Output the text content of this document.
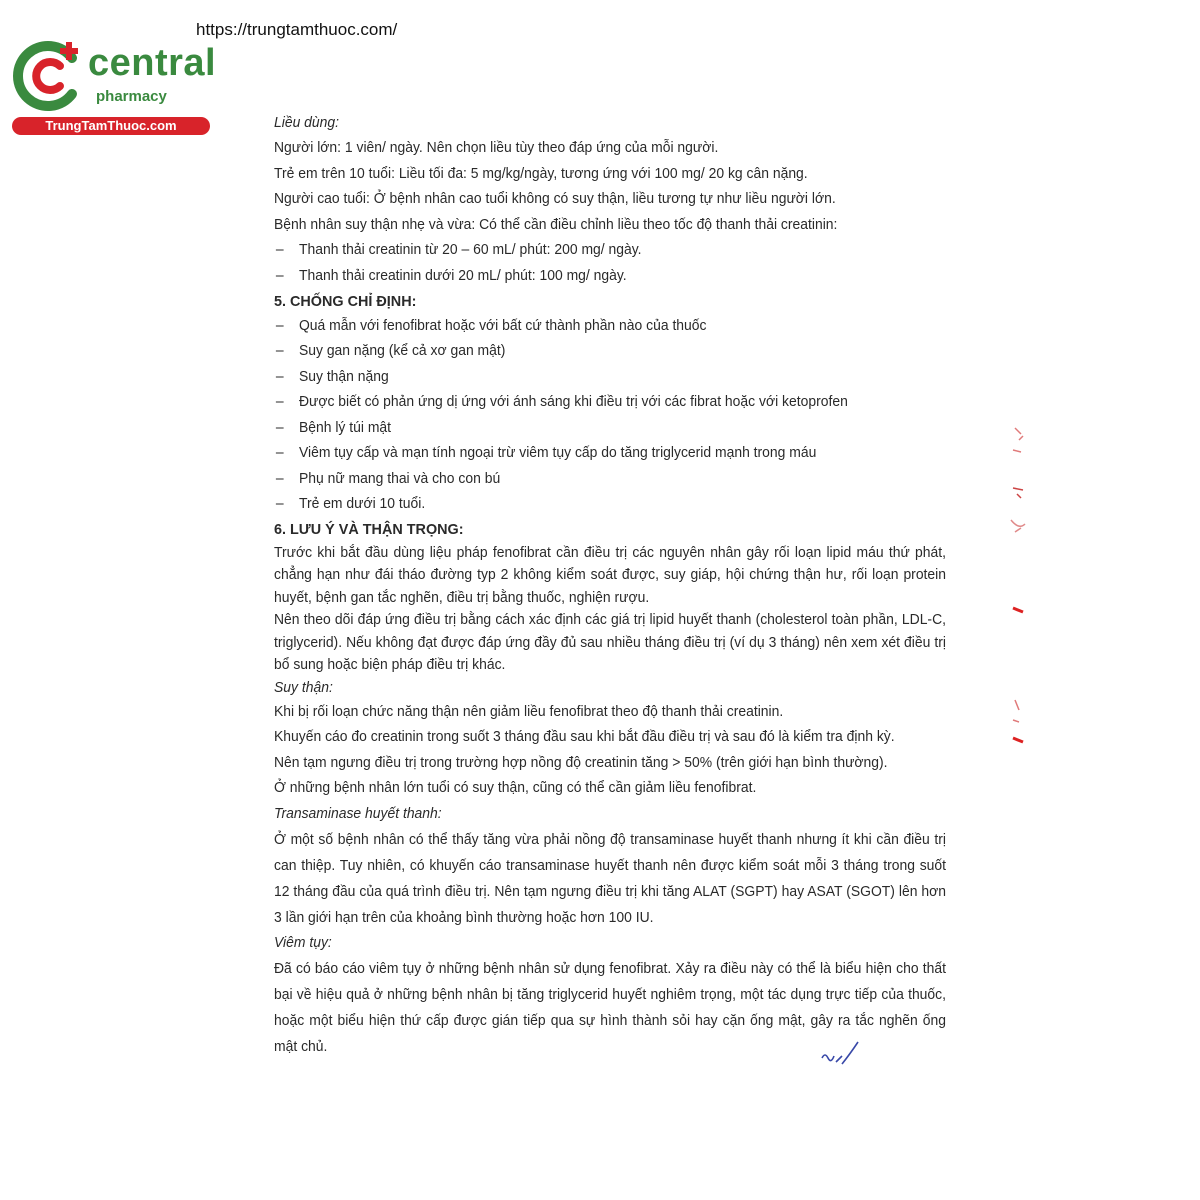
https://trungtamthuoc.com/
central
pharmacy
TrungTamThuoc.com	Liều dùng:

Người lớn: 1 viên/ ngày. Nên chọn liều tùy theo đáp ứng của mỗi người.

Trẻ em trên 10 tuổi: Liều tối đa: 5 mg/kg/ngày, tương ứng với 100 mg/ 20 kg cân nặng.

Người cao tuổi: Ở bệnh nhân cao tuổi không có suy thận, liều tương tự như liều người lớn.

Bệnh nhân suy thận nhẹ và vừa: Có thể cần điều chỉnh liều theo tốc độ thanh thải creatinin:

– Thanh thải creatinin từ 20 – 60 mL/ phút: 200 mg/ ngày.

– Thanh thải creatinin dưới 20 mL/ phút: 100 mg/ ngày.

5. CHỐNG CHỈ ĐỊNH:

– Quá mẫn với fenofibrat hoặc với bất cứ thành phần nào của thuốc

– Suy gan nặng (kể cả xơ gan mật)

– Suy thận nặng

– Được biết có phản ứng dị ứng với ánh sáng khi điều trị với các fibrat hoặc với ketoprofen

– Bệnh lý túi mật

– Viêm tụy cấp và mạn tính ngoại trừ viêm tụy cấp do tăng triglycerid mạnh trong máu

– Phụ nữ mang thai và cho con bú

– Trẻ em dưới 10 tuổi.

6. LƯU Ý VÀ THẬN TRỌNG:

Trước khi bắt đầu dùng liệu pháp fenofibrat cần điều trị các nguyên nhân gây rối loạn lipid máu thứ phát, chẳng hạn như đái tháo đường typ 2 không kiểm soát được, suy giáp, hội chứng thận hư, rối loạn protein huyết, bệnh gan tắc nghẽn, điều trị bằng thuốc, nghiện rượu.

Nên theo dõi đáp ứng điều trị bằng cách xác định các giá trị lipid huyết thanh (cholesterol toàn phần, LDL-C, triglycerid). Nếu không đạt được đáp ứng đầy đủ sau nhiều tháng điều trị (ví dụ 3 tháng) nên xem xét điều trị bổ sung hoặc biện pháp điều trị khác.

Suy thận:

Khi bị rối loạn chức năng thận nên giảm liều fenofibrat theo độ thanh thải creatinin.

Khuyến cáo đo creatinin trong suốt 3 tháng đầu sau khi bắt đầu điều trị và sau đó là kiểm tra định kỳ.

Nên tạm ngưng điều trị trong trường hợp nồng độ creatinin tăng > 50% (trên giới hạn bình thường).

Ở những bệnh nhân lớn tuổi có suy thận, cũng có thể cần giảm liều fenofibrat.

Transaminase huyết thanh:

Ở một số bệnh nhân có thể thấy tăng vừa phải nồng độ transaminase huyết thanh nhưng ít khi cần điều trị can thiệp. Tuy nhiên, có khuyến cáo transaminase huyết thanh nên được kiểm soát mỗi 3 tháng trong suốt 12 tháng đầu của quá trình điều trị. Nên tạm ngưng điều trị khi tăng ALAT (SGPT) hay ASAT (SGOT) lên hơn 3 lần giới hạn trên của khoảng bình thường hoặc hơn 100 IU.

Viêm tụy:

Đã có báo cáo viêm tụy ở những bệnh nhân sử dụng fenofibrat. Xảy ra điều này có thể là biểu hiện cho thất bại về hiệu quả ở những bệnh nhân bị tăng triglycerid huyết nghiêm trọng, một tác dụng trực tiếp của thuốc, hoặc một biểu hiện thứ cấp được gián tiếp qua sự hình thành sỏi hay cặn ống mật, gây ra tắc nghẽn ống mật chủ.
